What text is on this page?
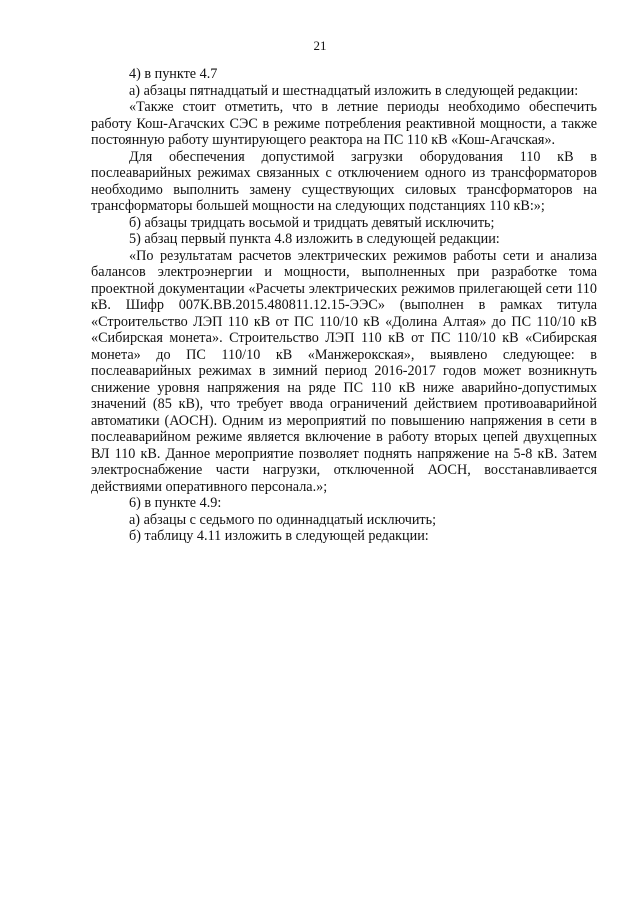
21

4) в пункте 4.7

а) абзацы пятнадцатый и шестнадцатый изложить в следующей редакции:

«Также стоит отметить, что в летние периоды необходимо обеспечить работу Кош-Агачских СЭС в режиме потребления реактивной мощности, а также постоянную работу шунтирующего реактора на ПС 110 кВ «Кош-Агачская».

Для обеспечения допустимой загрузки оборудования 110 кВ в послеаварийных режимах связанных с отключением одного из трансформаторов необходимо выполнить замену существующих силовых трансформаторов на трансформаторы большей мощности на следующих подстанциях 110 кВ:»;

б) абзацы тридцать восьмой и тридцать девятый исключить;

5) абзац первый пункта 4.8 изложить в следующей редакции:

«По результатам расчетов электрических режимов работы сети и анализа балансов электроэнергии и мощности, выполненных при разработке тома проектной документации «Расчеты электрических режимов прилегающей сети 110 кВ. Шифр 007К.ВВ.2015.480811.12.15-ЭЭС» (выполнен в рамках титула «Строительство ЛЭП 110 кВ от ПС 110/10 кВ «Долина Алтая» до ПС 110/10 кВ «Сибирская монета». Строительство ЛЭП 110 кВ от ПС 110/10 кВ «Сибирская монета» до ПС 110/10 кВ «Манжерокская», выявлено следующее: в послеаварийных режимах в зимний период 2016-2017 годов может возникнуть снижение уровня напряжения на ряде ПС 110 кВ ниже аварийно-допустимых значений (85 кВ), что требует ввода ограничений действием противоаварийной автоматики (АОСН). Одним из мероприятий по повышению напряжения в сети в послеаварийном режиме является включение в работу вторых цепей двухцепных ВЛ 110 кВ. Данное мероприятие позволяет поднять напряжение на 5-8 кВ. Затем электроснабжение части нагрузки, отключенной АОСН, восстанавливается действиями оперативного персонала.»;

6) в пункте 4.9:

а) абзацы с седьмого по одиннадцатый исключить;

б) таблицу 4.11 изложить в следующей редакции:
